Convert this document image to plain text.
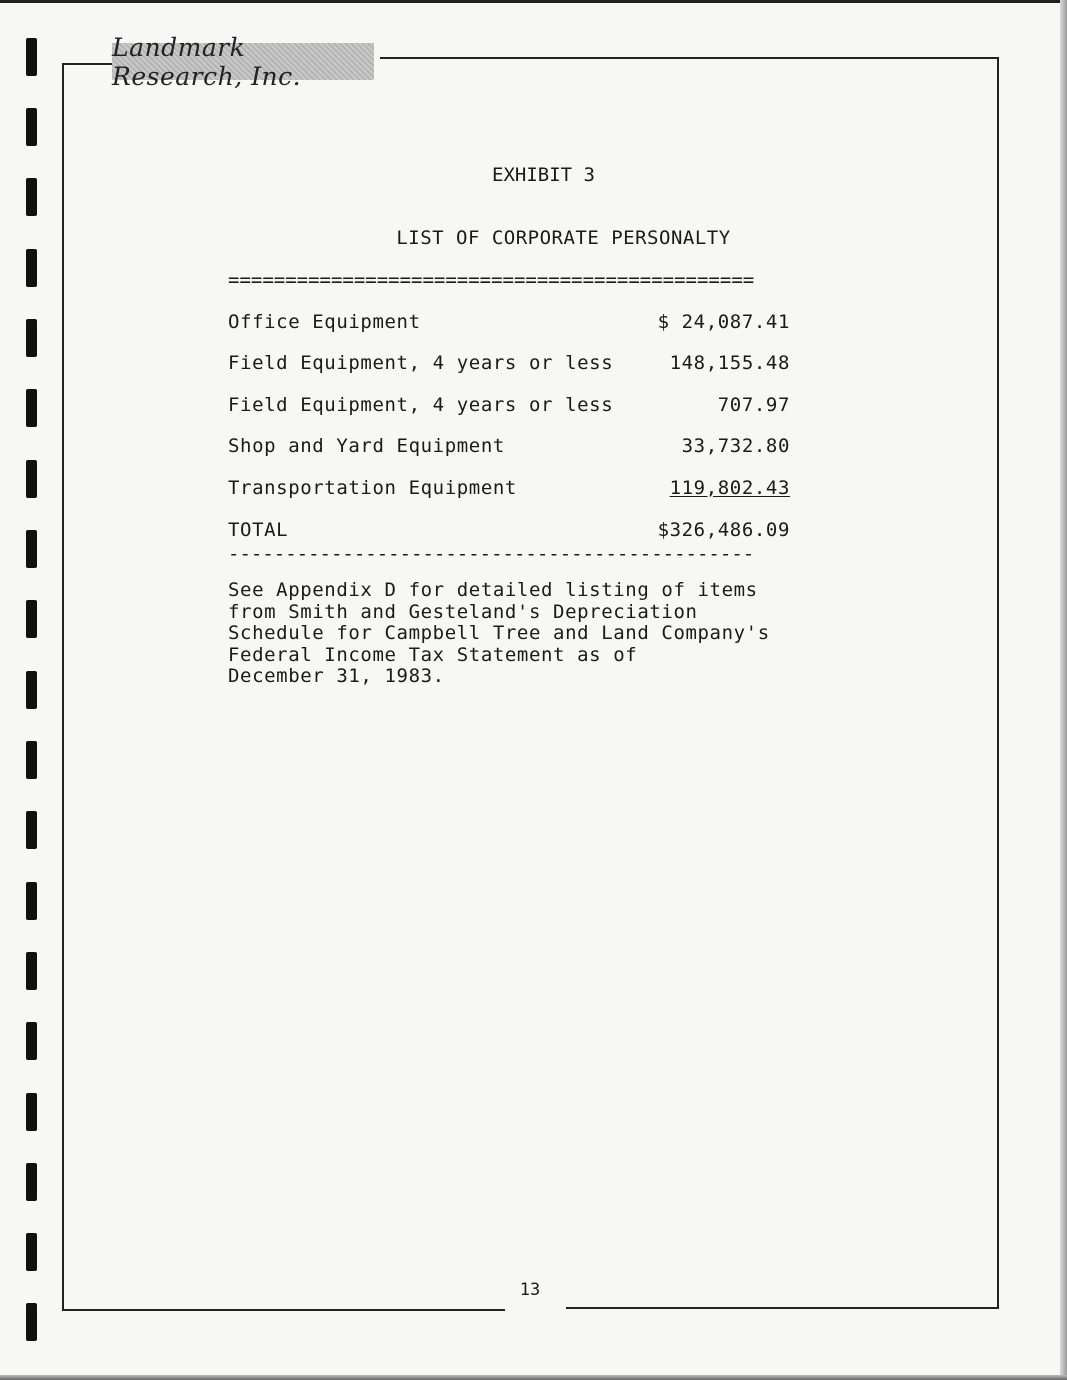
Landmark Research, Inc.
EXHIBIT 3
LIST OF CORPORATE PERSONALTY
==============================================
Office Equipment	$ 24,087.41
Field Equipment, 4 years or less	148,155.48
Field Equipment, 4 years or less	707.97
Shop and Yard Equipment	33,732.80
Transportation Equipment	119,802.43
TOTAL	$326,486.09
----------------------------------------------
See Appendix D for detailed listing of items
from Smith and Gesteland's Depreciation
Schedule for Campbell Tree and Land Company's
Federal Income Tax Statement as of
December 31, 1983.
13
